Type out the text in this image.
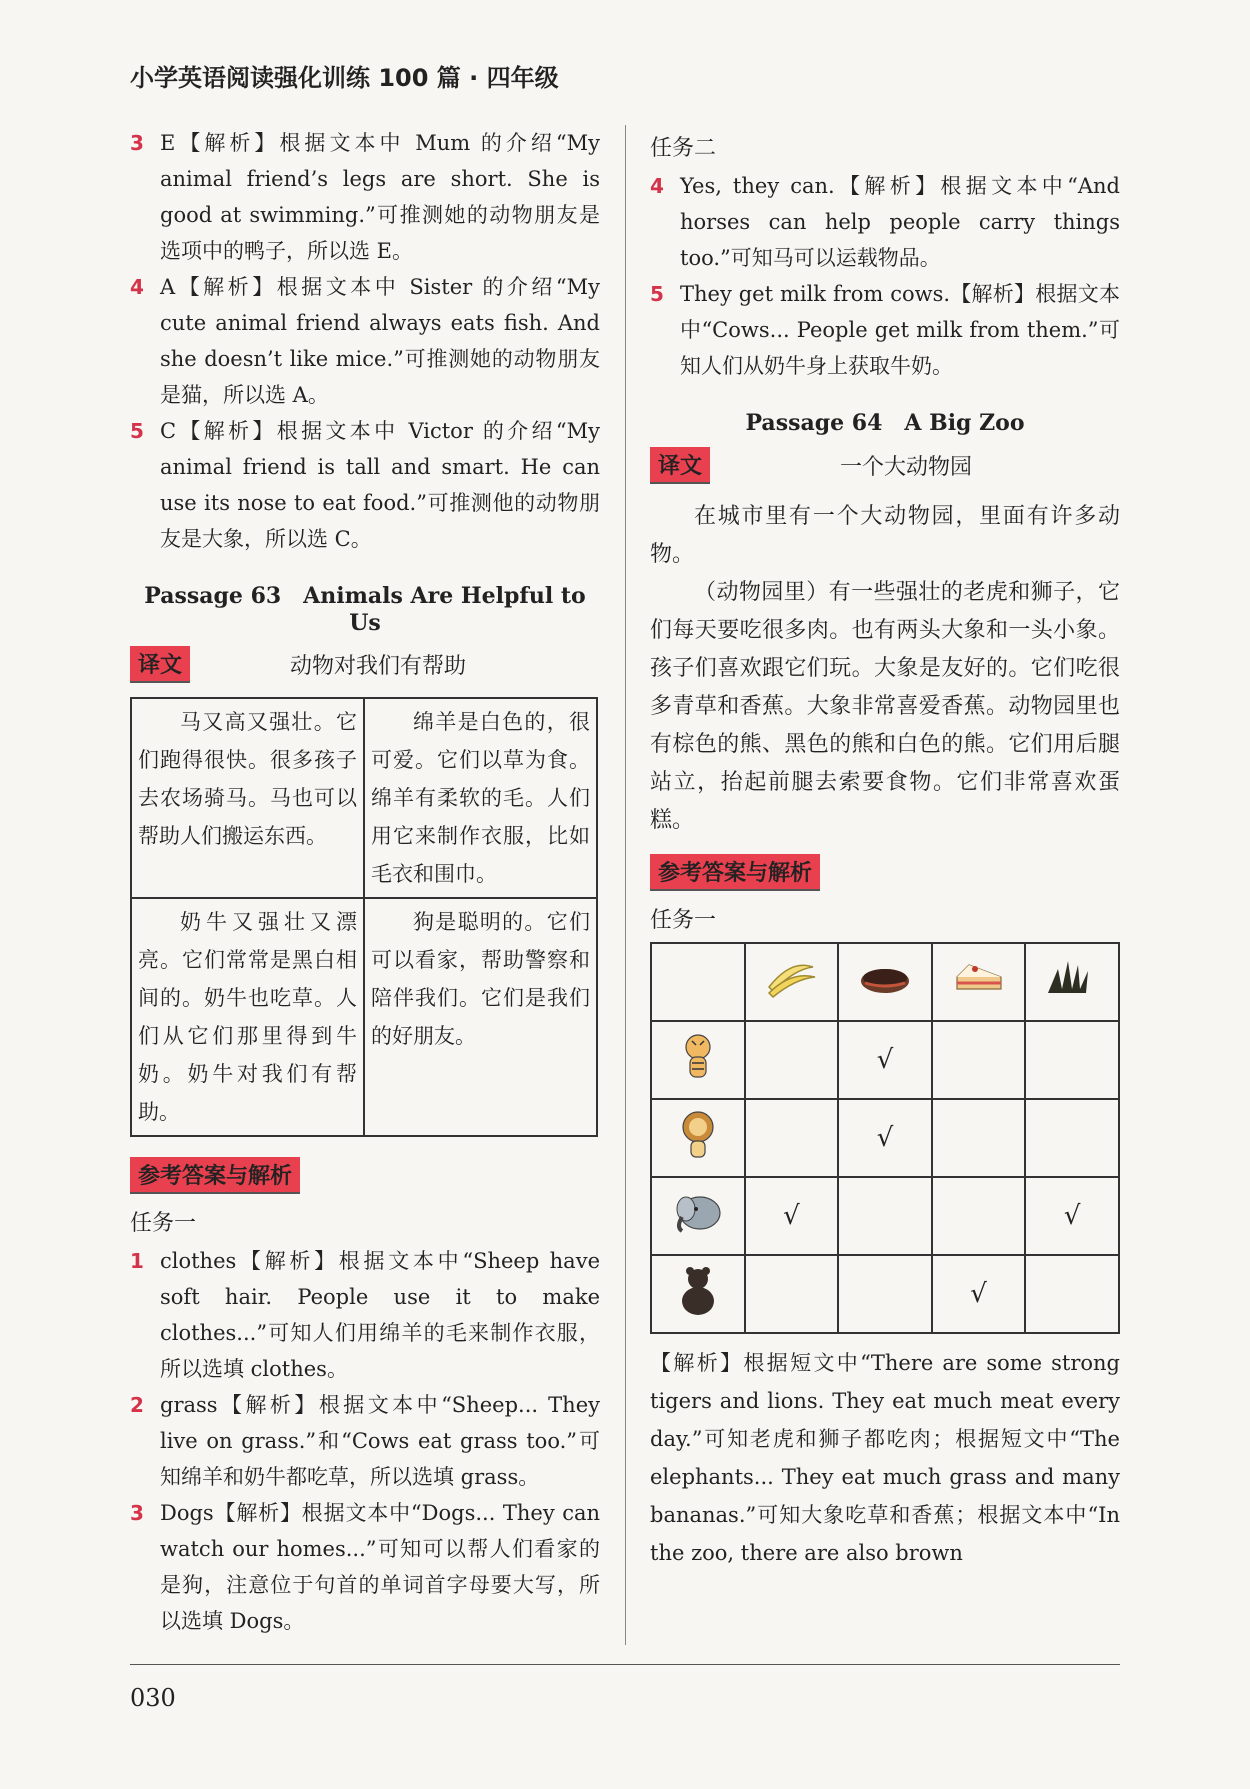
小学英语阅读强化训练 100 篇 · 四年级
3 E【解析】根据文本中 Mum 的介绍“My animal friend’s legs are short. She is good at swimming.”可推测她的动物朋友是选项中的鸭子，所以选 E。
4 A【解析】根据文本中 Sister 的介绍“My cute animal friend always eats fish. And she doesn’t like mice.”可推测她的动物朋友是猫，所以选 A。
5 C【解析】根据文本中 Victor 的介绍“My animal friend is tall and smart. He can use its nose to eat food.”可推测他的动物朋友是大象，所以选 C。
Passage 63　Animals Are Helpful to Us
译文	动物对我们有帮助
马又高又强壮。它们跑得很快。很多孩子去农场骑马。马也可以帮助人们搬运东西。	绵羊是白色的，很可爱。它们以草为食。绵羊有柔软的毛。人们用它来制作衣服，比如毛衣和围巾。

奶牛又强壮又漂亮。它们常常是黑白相间的。奶牛也吃草。人们从它们那里得到牛奶。奶牛对我们有帮助。	狗是聪明的。它们可以看家，帮助警察和陪伴我们。它们是我们的好朋友。
参考答案与解析
任务一
1 clothes【解析】根据文本中“Sheep have soft hair. People use it to make clothes...”可知人们用绵羊的毛来制作衣服，所以选填 clothes。
2 grass【解析】根据文本中“Sheep... They live on grass.”和“Cows eat grass too.”可知绵羊和奶牛都吃草，所以选填 grass。
3 Dogs【解析】根据文本中“Dogs... They can watch our homes...”可知可以帮人们看家的是狗，注意位于句首的单词首字母要大写，所以选填 Dogs。
任务二
4 Yes, they can.【解析】根据文本中“And horses can help people carry things too.”可知马可以运载物品。
5 They get milk from cows.【解析】根据文本中“Cows... People get milk from them.”可知人们从奶牛身上获取牛奶。
Passage 64　A Big Zoo
译文	一个大动物园

在城市里有一个大动物园，里面有许多动物。

（动物园里）有一些强壮的老虎和狮子，它们每天要吃很多肉。也有两头大象和一头小象。孩子们喜欢跟它们玩。大象是友好的。它们吃很多青草和香蕉。大象非常喜爱香蕉。动物园里也有棕色的熊、黑色的熊和白色的熊。它们用后腿站立，抬起前腿去索要食物。它们非常喜欢蛋糕。

参考答案与解析
任务一

		√		
		√		
	√			√
			√	
【解析】根据短文中“There are some strong tigers and lions. They eat much meat every day.”可知老虎和狮子都吃肉；根据短文中“The elephants... They eat much grass and many bananas.”可知大象吃草和香蕉；根据文本中“In the zoo, there are also brown
030
